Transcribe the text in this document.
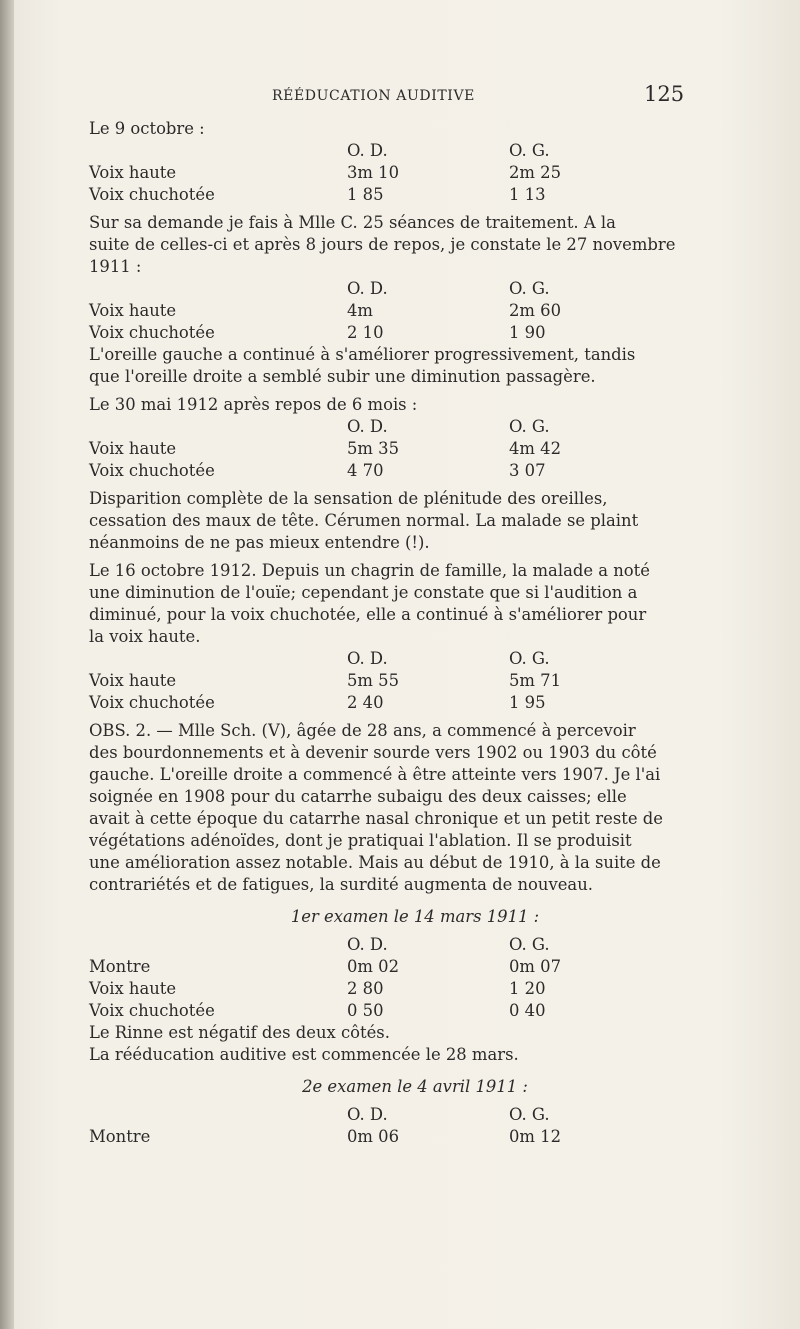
RÉÉDUCATION AUDITIVE	125
Le 9 octobre :
O. D.	O. G.
Voix haute	3m 10	2m 25
Voix chuchotée	1 85	1 13
Sur sa demande je fais à Mlle C. 25 séances de traitement. A la
suite de celles-ci et après 8 jours de repos, je constate le 27 novembre
1911 :
O. D.	O. G.
Voix haute	4m	2m 60
Voix chuchotée	2 10	1 90
L'oreille gauche a continué à s'améliorer progressivement, tandis
que l'oreille droite a semblé subir une diminution passagère.
Le 30 mai 1912 après repos de 6 mois :
O. D.	O. G.
Voix haute	5m 35	4m 42
Voix chuchotée	4 70	3 07
Disparition complète de la sensation de plénitude des oreilles,
cessation des maux de tête. Cérumen normal. La malade se plaint
néanmoins de ne pas mieux entendre (!).
Le 16 octobre 1912. Depuis un chagrin de famille, la malade a noté
une diminution de l'ouïe; cependant je constate que si l'audition a
diminué, pour la voix chuchotée, elle a continué à s'améliorer pour
la voix haute.
O. D.	O. G.
Voix haute	5m 55	5m 71
Voix chuchotée	2 40	1 95
OBS. 2. — Mlle Sch. (V), âgée de 28 ans, a commencé à percevoir
des bourdonnements et à devenir sourde vers 1902 ou 1903 du côté
gauche. L'oreille droite a commencé à être atteinte vers 1907. Je l'ai
soignée en 1908 pour du catarrhe subaigu des deux caisses; elle
avait à cette époque du catarrhe nasal chronique et un petit reste de
végétations adénoïdes, dont je pratiquai l'ablation. Il se produisit
une amélioration assez notable. Mais au début de 1910, à la suite de
contrariétés et de fatigues, la surdité augmenta de nouveau.
1er examen le 14 mars 1911 :
O. D.	O. G.
Montre	0m 02	0m 07
Voix haute	2 80	1 20
Voix chuchotée	0 50	0 40
Le Rinne est négatif des deux côtés.
La rééducation auditive est commencée le 28 mars.
2e examen le 4 avril 1911 :
O. D.	O. G.
Montre	0m 06	0m 12
